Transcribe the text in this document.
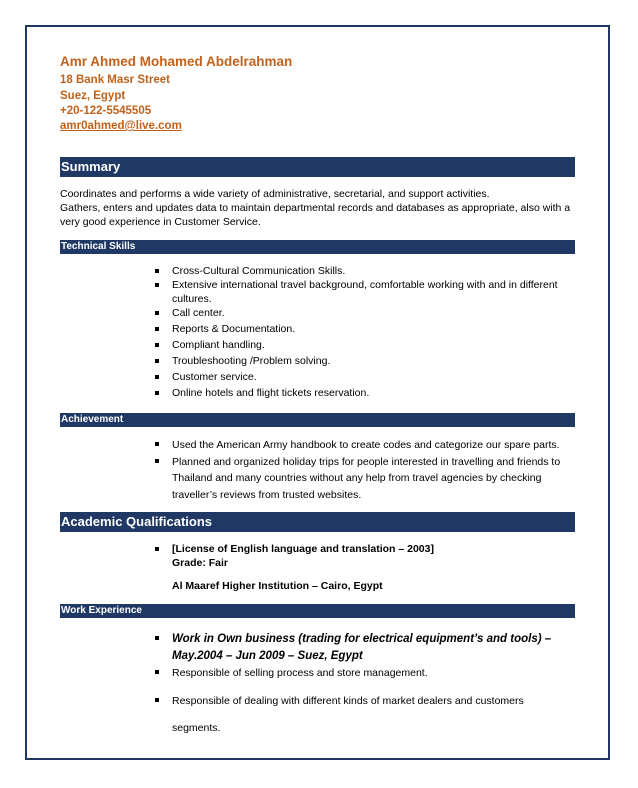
Amr Ahmed Mohamed Abdelrahman
18 Bank Masr Street
Suez, Egypt
+20-122-5545505
amr0ahmed@live.com
Summary
Coordinates and performs a wide variety of administrative, secretarial, and support activities.
Gathers, enters and updates data to maintain departmental records and databases as appropriate, also with a very good experience in Customer Service.
Technical Skills
Cross-Cultural Communication Skills.
Extensive international travel background, comfortable working with and in different cultures.
Call center.
Reports & Documentation.
Compliant handling.
Troubleshooting /Problem solving.
Customer service.
Online hotels and flight tickets reservation.
Achievement
Used the American Army handbook to create codes and categorize our spare parts.
Planned and organized holiday trips for people interested in travelling and friends to Thailand and many countries without any help from travel agencies by checking traveller’s reviews from trusted websites.
Academic Qualifications
[License of English language and translation – 2003]
Grade: Fair
Al Maaref Higher Institution – Cairo, Egypt
Work Experience
Work in Own business (trading for electrical equipment’s and tools) – May.2004 – Jun 2009 – Suez, Egypt
Responsible of selling process and store management.
Responsible of dealing with different kinds of market dealers and customers
segments.
